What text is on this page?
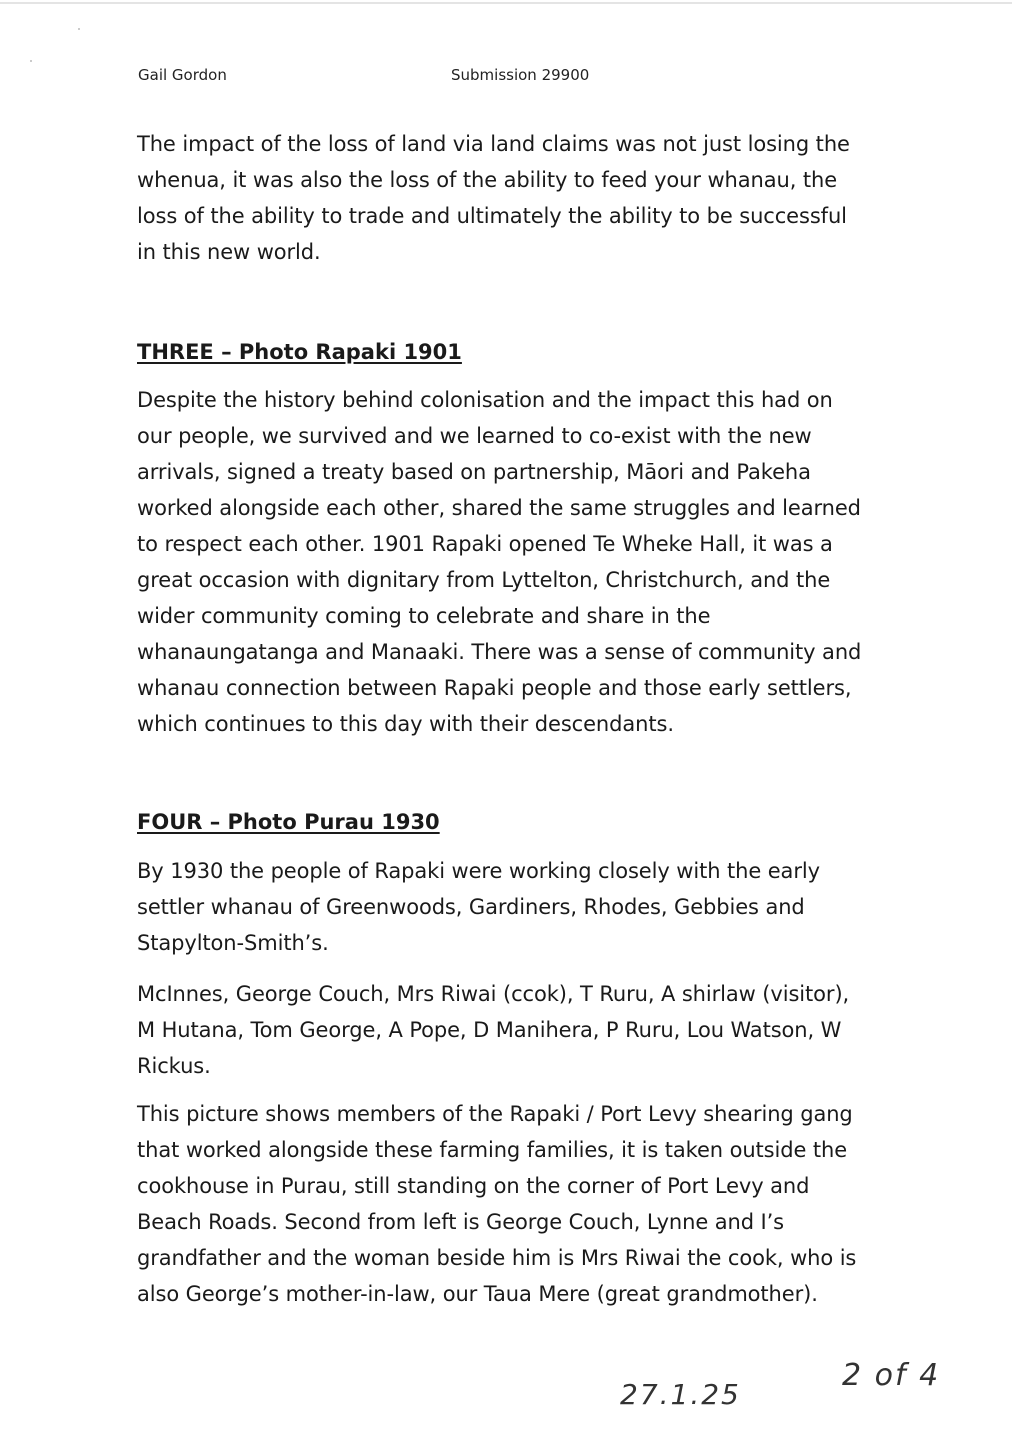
Gail Gordon	Submission 29900

The impact of the loss of land via land claims was not just losing the
whenua, it was also the loss of the ability to feed your whanau, the
loss of the ability to trade and ultimately the ability to be successful
in this new world.

THREE – Photo Rapaki 1901

Despite the history behind colonisation and the impact this had on
our people, we survived and we learned to co-exist with the new
arrivals, signed a treaty based on partnership, Māori and Pakeha
worked alongside each other, shared the same struggles and learned
to respect each other. 1901 Rapaki opened Te Wheke Hall, it was a
great occasion with dignitary from Lyttelton, Christchurch, and the
wider community coming to celebrate and share in the
whanaungatanga and Manaaki. There was a sense of community and
whanau connection between Rapaki people and those early settlers,
which continues to this day with their descendants.

FOUR – Photo Purau 1930

By 1930 the people of Rapaki were working closely with the early
settler whanau of Greenwoods, Gardiners, Rhodes, Gebbies and
Stapylton-Smith’s.

McInnes, George Couch, Mrs Riwai (ccok), T Ruru, A shirlaw (visitor),
M Hutana, Tom George, A Pope, D Manihera, P Ruru, Lou Watson, W
Rickus.

This picture shows members of the Rapaki / Port Levy shearing gang
that worked alongside these farming families, it is taken outside the
cookhouse in Purau, still standing on the corner of Port Levy and
Beach Roads. Second from left is George Couch, Lynne and I’s
grandfather and the woman beside him is Mrs Riwai the cook, who is
also George’s mother-in-law, our Taua Mere (great grandmother).

27.1.25
2 of 4
